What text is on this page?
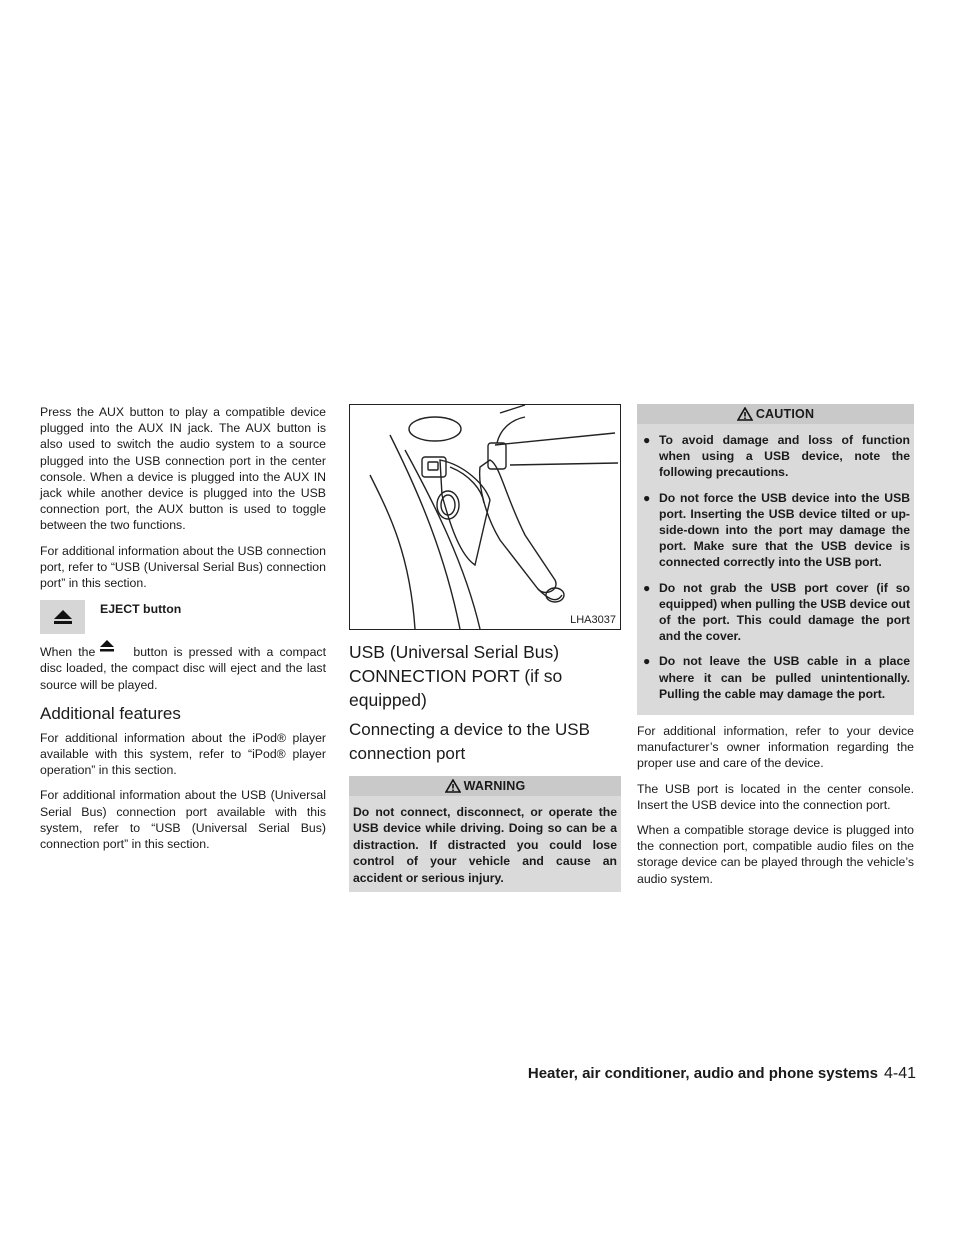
Press the AUX button to play a compatible device plugged into the AUX IN jack. The AUX button is also used to switch the audio system to a source plugged into the USB connection port in the center console. When a device is plugged into the AUX IN jack while another device is plugged into the USB connection port, the AUX button is used to toggle between the two functions.

For additional information about the USB connection port, refer to “USB (Universal Serial Bus) connection port” in this section.

EJECT button

When the	button is pressed with a compact disc loaded, the compact disc will eject and the last source will be played.

Additional features

For additional information about the iPod® player available with this system, refer to “iPod® player operation” in this section.

For additional information about the USB (Universal Serial Bus) connection port available with this system, refer to “USB (Universal Serial Bus) connection port” in this section.

LHA3037
USB (Universal Serial Bus)
CONNECTION PORT (if so equipped)
Connecting a device to the USB
connection port
WARNING
Do not connect, disconnect, or operate the USB device while driving. Doing so can be a distraction. If distracted you could lose control of your vehicle and cause an accident or serious injury.
CAUTION
● To avoid damage and loss of function when using a USB device, note the following precautions.
● Do not force the USB device into the USB port. Inserting the USB device tilted or up-side-down into the port may damage the port. Make sure that the USB device is connected correctly into the USB port.
● Do not grab the USB port cover (if so equipped) when pulling the USB device out of the port. This could damage the port and the cover.
● Do not leave the USB cable in a place where it can be pulled unintentionally. Pulling the cable may damage the port.

For additional information, refer to your device manufacturer’s owner information regarding the proper use and care of the device.

The USB port is located in the center console. Insert the USB device into the connection port.

When a compatible storage device is plugged into the connection port, compatible audio files on the storage device can be played through the vehicle’s audio system.

Heater, air conditioner, audio and phone systems 4-41
